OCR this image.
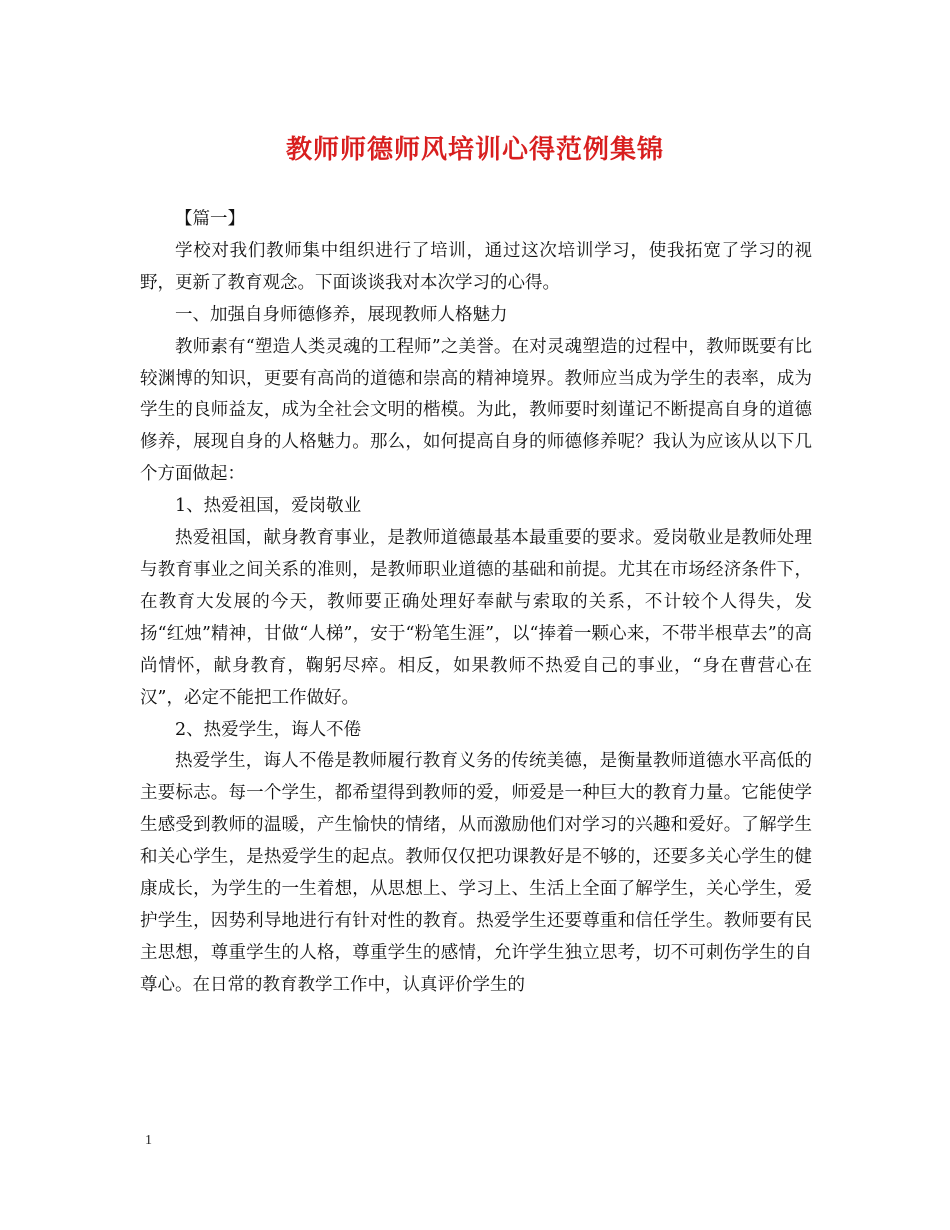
教师师德师风培训心得范例集锦

【篇一】

学校对我们教师集中组织进行了培训，通过这次培训学习，使我拓宽了学习的视野，更新了教育观念。下面谈谈我对本次学习的心得。

一、加强自身师德修养，展现教师人格魅力

教师素有“塑造人类灵魂的工程师”之美誉。在对灵魂塑造的过程中，教师既要有比较渊博的知识，更要有高尚的道德和崇高的精神境界。教师应当成为学生的表率，成为学生的良师益友，成为全社会文明的楷模。为此，教师要时刻谨记不断提高自身的道德修养，展现自身的人格魅力。那么，如何提高自身的师德修养呢？我认为应该从以下几个方面做起：

1、热爱祖国，爱岗敬业

热爱祖国，献身教育事业，是教师道德最基本最重要的要求。爱岗敬业是教师处理与教育事业之间关系的准则，是教师职业道德的基础和前提。尤其在市场经济条件下，在教育大发展的今天，教师要正确处理好奉献与索取的关系，不计较个人得失，发扬“红烛”精神，甘做“人梯”，安于“粉笔生涯”，以“捧着一颗心来，不带半根草去”的高尚情怀，献身教育，鞠躬尽瘁。相反，如果教师不热爱自己的事业，“身在曹营心在汉”，必定不能把工作做好。

2、热爱学生，诲人不倦

热爱学生，诲人不倦是教师履行教育义务的传统美德，是衡量教师道德水平高低的主要标志。每一个学生，都希望得到教师的爱，师爱是一种巨大的教育力量。它能使学生感受到教师的温暖，产生愉快的情绪，从而激励他们对学习的兴趣和爱好。了解学生和关心学生，是热爱学生的起点。教师仅仅把功课教好是不够的，还要多关心学生的健康成长，为学生的一生着想，从思想上、学习上、生活上全面了解学生，关心学生，爱护学生，因势利导地进行有针对性的教育。热爱学生还要尊重和信任学生。教师要有民主思想，尊重学生的人格，尊重学生的感情，允许学生独立思考，切不可刺伤学生的自尊心。在日常的教育教学工作中，认真评价学生的

1
